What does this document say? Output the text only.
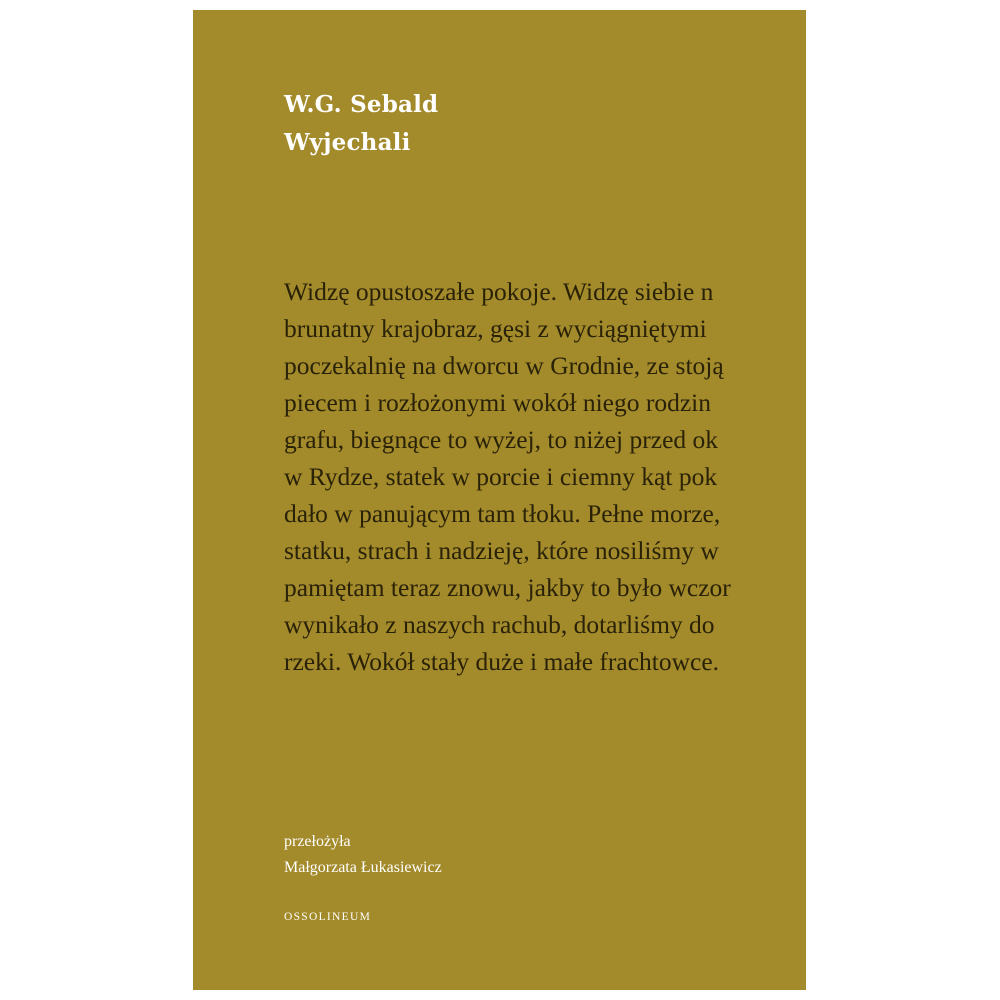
W.G. Sebald
Wyjechali
Widzę opustoszałe pokoje. Widzę siebie n
brunatny krajobraz, gęsi z wyciągniętymi
poczekalnię na dworcu w Grodnie, ze stoją
piecem i rozłożonymi wokół niego rodzin
grafu, biegnące to wyżej, to niżej przed ok
w Rydze, statek w porcie i ciemny kąt pok
dało w panującym tam tłoku. Pełne morze,
statku, strach i nadzieję, które nosiliśmy w
pamiętam teraz znowu, jakby to było wczor
wynikało z naszych rachub, dotarliśmy do
rzeki. Wokół stały duże i małe frachtowce.
przełożyła
Małgorzata Łukasiewicz
OSSOLINEUM
